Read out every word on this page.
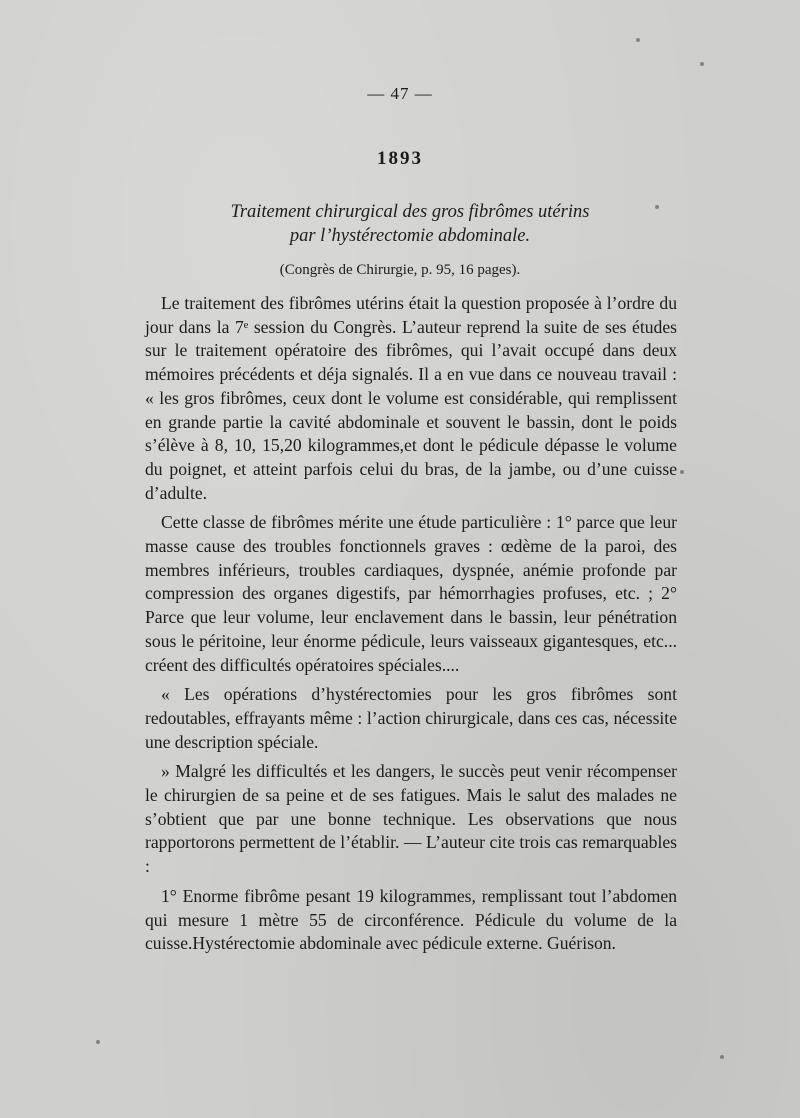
— 47 —
1893
Traitement chirurgical des gros fibrômes utérins
par l’hystérectomie abdominale.
(Congrès de Chirurgie, p. 95, 16 pages).

Le traitement des fibrômes utérins était la question proposée à l’ordre du jour dans la 7ᵉ session du Congrès. L’auteur reprend la suite de ses études sur le traitement opératoire des fibrômes, qui l’avait occupé dans deux mémoires précédents et déja signalés. Il a en vue dans ce nouveau travail : « les gros fibrômes, ceux dont le volume est considérable, qui remplissent en grande partie la cavité abdominale et souvent le bassin, dont le poids s’élève à 8, 10, 15,20 kilogrammes,et dont le pédicule dépasse le volume du poignet, et atteint parfois celui du bras, de la jambe, ou d’une cuisse d’adulte.

Cette classe de fibrômes mérite une étude particulière : 1° parce que leur masse cause des troubles fonctionnels graves : œdème de la paroi, des membres inférieurs, troubles cardiaques, dyspnée, anémie profonde par compression des organes digestifs, par hémorrhagies profuses, etc. ; 2° Parce que leur volume, leur enclavement dans le bassin, leur pénétration sous le péritoine, leur énorme pédicule, leurs vaisseaux gigantesques, etc... créent des difficultés opératoires spéciales....

« Les opérations d’hystérectomies pour les gros fibrômes sont redoutables, effrayants même : l’action chirurgicale, dans ces cas, nécessite une description spéciale.

» Malgré les difficultés et les dangers, le succès peut venir récompenser le chirurgien de sa peine et de ses fatigues. Mais le salut des malades ne s’obtient que par une bonne technique. Les observations que nous rapportorons permettent de l’établir. — L’auteur cite trois cas remarquables :

1° Enorme fibrôme pesant 19 kilogrammes, remplissant tout l’abdomen qui mesure 1 mètre 55 de circonférence. Pédicule du volume de la cuisse.Hystérectomie abdominale avec pédicule externe. Guérison.
